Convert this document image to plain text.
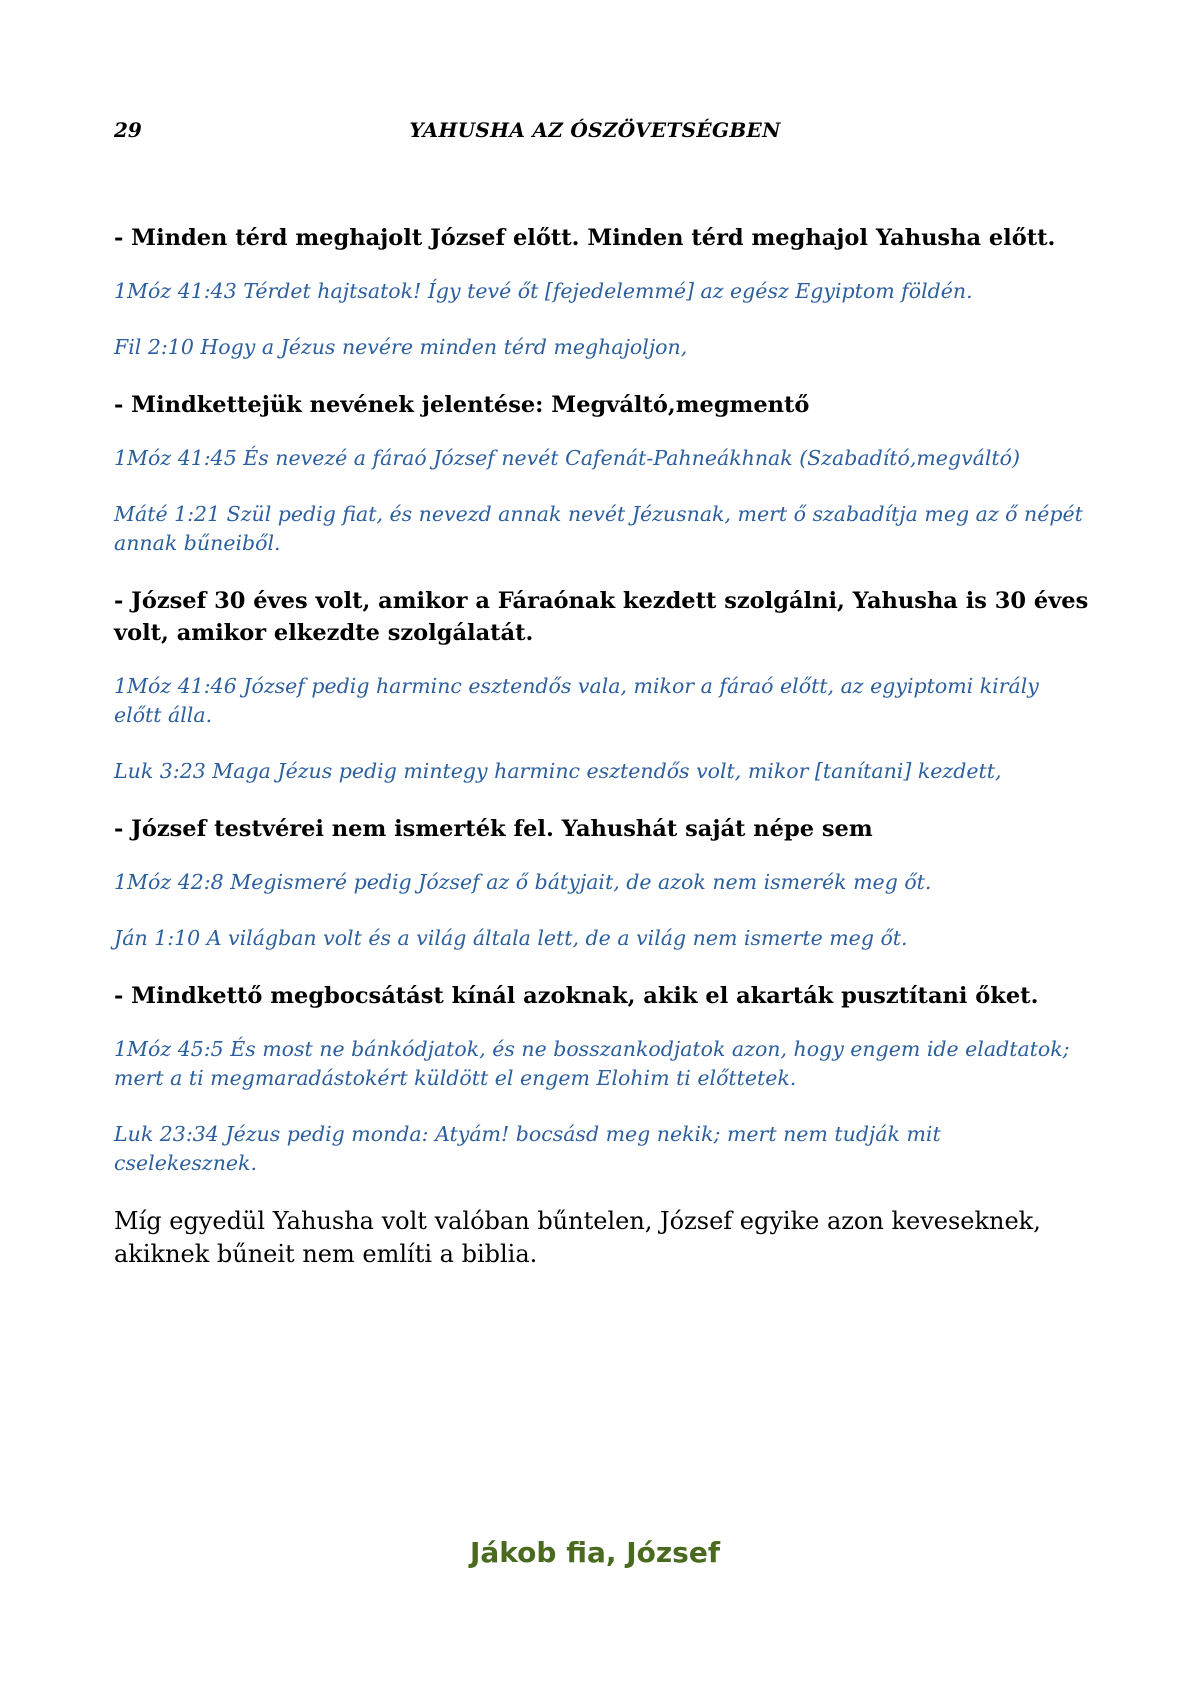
29	YAHUSHA AZ ÓSZÖVETSÉGBEN

- Minden térd meghajolt József előtt. Minden térd meghajol Yahusha előtt.

1Móz 41:43 Térdet hajtsatok! Így tevé őt [fejedelemmé] az egész Egyiptom földén.

Fil 2:10 Hogy a Jézus nevére minden térd meghajoljon,

- Mindkettejük nevének jelentése: Megváltó,megmentő

1Móz 41:45 És nevezé a fáraó József nevét Cafenát-Pahneákhnak (Szabadító,megváltó)

Máté 1:21 Szül pedig fiat, és nevezd annak nevét Jézusnak, mert ő szabadítja meg az ő népét annak bűneiből.

- József 30 éves volt, amikor a Fáraónak kezdett szolgálni, Yahusha is 30 éves volt, amikor elkezdte szolgálatát.

1Móz 41:46 József pedig harminc esztendős vala, mikor a fáraó előtt, az egyiptomi király előtt álla.

Luk 3:23 Maga Jézus pedig mintegy harminc esztendős volt, mikor [tanítani] kezdett,

- József testvérei nem ismerték fel. Yahushát saját népe sem

1Móz 42:8 Megismeré pedig József az ő bátyjait, de azok nem ismerék meg őt.

Ján 1:10 A világban volt és a világ általa lett, de a világ nem ismerte meg őt.

- Mindkettő megbocsátást kínál azoknak, akik el akarták pusztítani őket.

1Móz 45:5 És most ne bánkódjatok, és ne bosszankodjatok azon, hogy engem ide eladtatok; mert a ti megmaradástokért küldött el engem Elohim ti előttetek.

Luk 23:34 Jézus pedig monda: Atyám! bocsásd meg nekik; mert nem tudják mit cselekesznek.

Míg egyedül Yahusha volt valóban bűntelen, József egyike azon keveseknek, akiknek bűneit nem említi a biblia.

Jákob fia, József
